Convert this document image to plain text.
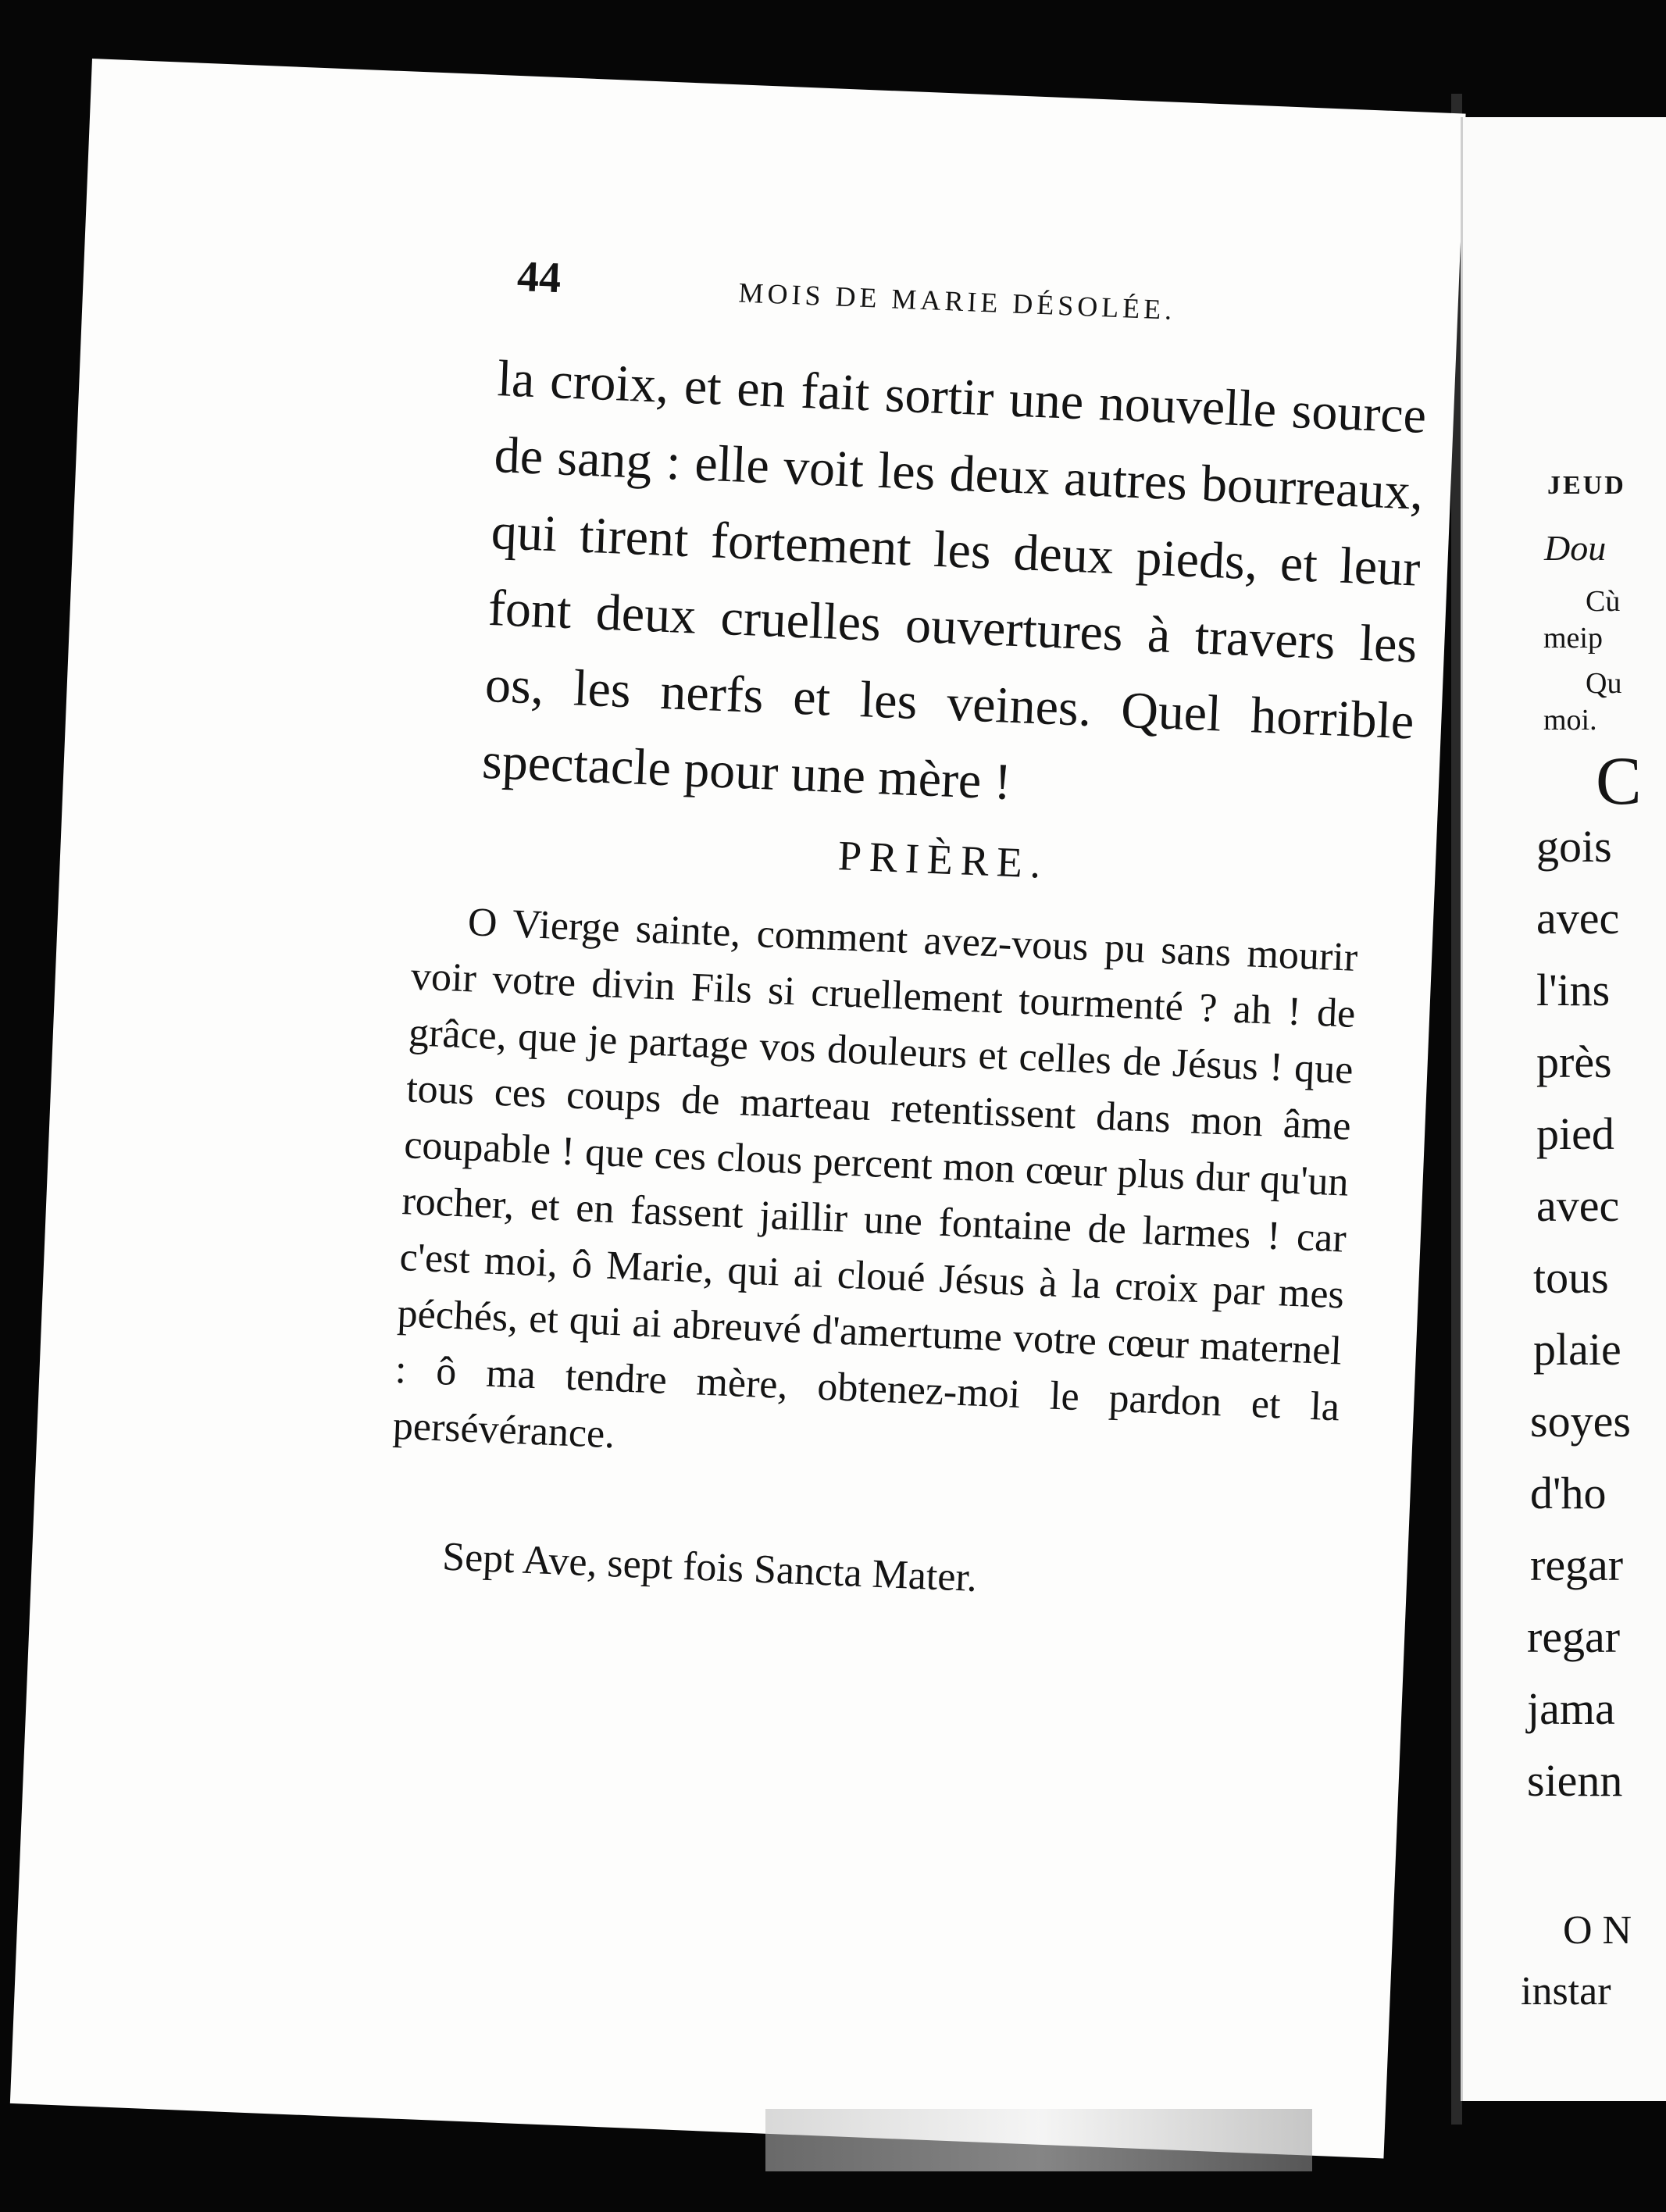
44	MOIS DE MARIE DÉSOLÉE.
la croix, et en fait sortir une nouvelle source de sang : elle voit les deux autres bourreaux, qui tirent fortement les deux pieds, et leur font deux cruelles ouvertures à travers les os, les nerfs et les veines. Quel horrible spectacle pour une mère !
PRIÈRE.

O Vierge sainte, comment avez-vous pu sans mourir voir votre divin Fils si cruellement tourmenté ? ah ! de grâce, que je partage vos douleurs et celles de Jésus ! que tous ces coups de marteau retentissent dans mon âme coupable ! que ces clous percent mon cœur plus dur qu'un rocher, et en fassent jaillir une fontaine de larmes ! car c'est moi, ô Marie, qui ai cloué Jésus à la croix par mes péchés, et qui ai abreuvé d'amertume votre cœur maternel : ô ma tendre mère, obtenez-moi le pardon et la persévérance.

Sept Ave, sept fois Sancta Mater.

JEUD
Dou
Cù
meip
Qu
moi.
C
gois
avec
l'ins
près
pied
avec
tous
plaie
soyes
d'ho
regar
regar
jama
sienn
O N
instar
